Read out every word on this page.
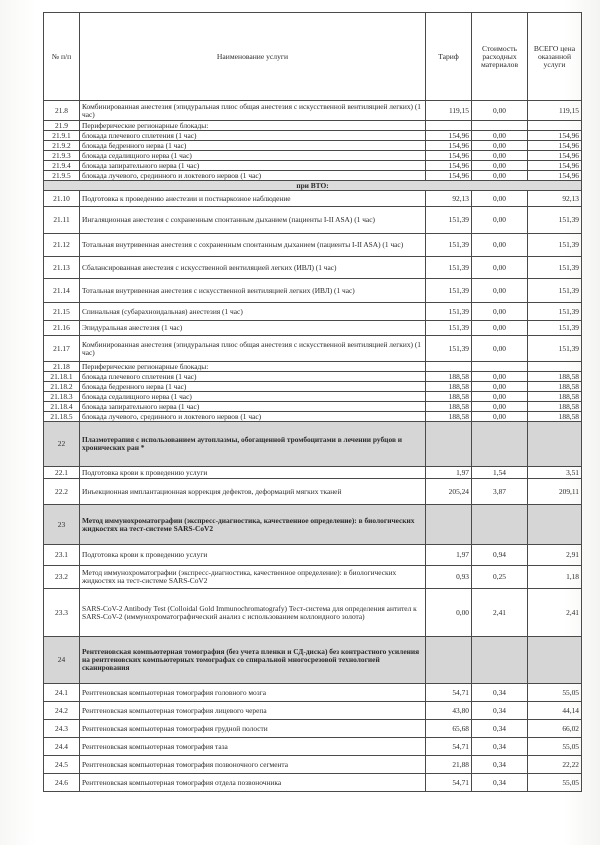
№ п/п	Наименование услуги	Тариф	Стоимость расходных материалов	ВСЕГО цена оказанной услуги
21.8	Комбинированная анестезия (эпидуральная плюс общая анестезия с искусственной вентиляцией легких) (1 час)	119,15	0,00	119,15
21.9	Периферические регионарные блокады:			
21.9.1	блокада плечевого сплетения (1 час)	154,96	0,00	154,96
21.9.2	блокада бедренного нерва (1 час)	154,96	0,00	154,96
21.9.3	блокада седалищного нерва (1 час)	154,96	0,00	154,96
21.9.4	блокада запирательного нерва (1 час)	154,96	0,00	154,96
21.9.5	блокада лучевого, срединного и локтевого нервов (1 час)	154,96	0,00	154,96
при ВТО:				
21.10	Подготовка к проведению анестезии и постнаркозное наблюдение	92,13	0,00	92,13
21.11	Ингаляционная анестезия с сохраненным спонтанным дыханием (пациенты I-II ASA) (1 час)	151,39	0,00	151,39
21.12	Тотальная внутривенная анестезия с сохраненным спонтанным дыханием (пациенты I-II ASA) (1 час)	151,39	0,00	151,39
21.13	Сбалансированная анестезия с искусственной вентиляцией легких (ИВЛ) (1 час)	151,39	0,00	151,39
21.14	Тотальная внутривенная анестезия с искусственной вентиляцией легких (ИВЛ) (1 час)	151,39	0,00	151,39
21.15	Спинальная (субарахноидальная) анестезия (1 час)	151,39	0,00	151,39
21.16	Эпидуральная анестезия (1 час)	151,39	0,00	151,39
21.17	Комбинированная анестезия (эпидуральная плюс общая анестезия с искусственной вентиляцией легких) (1 час)	151,39	0,00	151,39
21.18	Периферические регионарные блокады:			
21.18.1	блокада плечевого сплетения (1 час)	188,58	0,00	188,58
21.18.2	блокада бедренного нерва (1 час)	188,58	0,00	188,58
21.18.3	блокада седалищного нерва (1 час)	188,58	0,00	188,58
21.18.4	блокада запирательного нерва (1 час)	188,58	0,00	188,58
21.18.5	блокада лучевого, срединного и локтевого нервов (1 час)	188,58	0,00	188,58
22	Плазмотерапия с использованием аутоплазмы, обогащенной тромбоцитами в лечении рубцов и хронических ран *			
22.1	Подготовка крови к проведению услуги	1,97	1,54	3,51
22.2	Инъекционная имплантационная коррекция дефектов, деформаций мягких тканей	205,24	3,87	209,11
23	Метод иммунохроматографии (экспресс-диагностика, качественное определение): в биологических жидкостях на тест-системе SARS-CoV2			
23.1	Подготовка крови к проведению услуги	1,97	0,94	2,91
23.2	Метод иммунохроматографии (экспресс-диагностика, качественное определение): в биологических жидкостях на тест-системе SARS-CoV2	0,93	0,25	1,18
23.3	SARS-CoV-2 Antibody Test (Colloidal Gold Immunochromatografy) Тест-система для определения антител к SARS-CoV-2 (иммунохроматографический анализ с использованием коллоидного золота)	0,00	2,41	2,41
24	Рентгеновская компьютерная томография (без учета пленки и СД-диска) без контрастного усиления на рентгеновских компьютерных томографах со спиральной многосрезовой технологией сканирования			
24.1	Рентгеновская компьютерная томография головного мозга	54,71	0,34	55,05
24.2	Рентгеновская компьютерная томография лицевого черепа	43,80	0,34	44,14
24.3	Рентгеновская компьютерная томография грудной полости	65,68	0,34	66,02
24.4	Рентгеновская компьютерная томография таза	54,71	0,34	55,05
24.5	Рентгеновская компьютерная томография позвоночного сегмента	21,88	0,34	22,22
24.6	Рентгеновская компьютерная томография отдела позвоночника	54,71	0,34	55,05
